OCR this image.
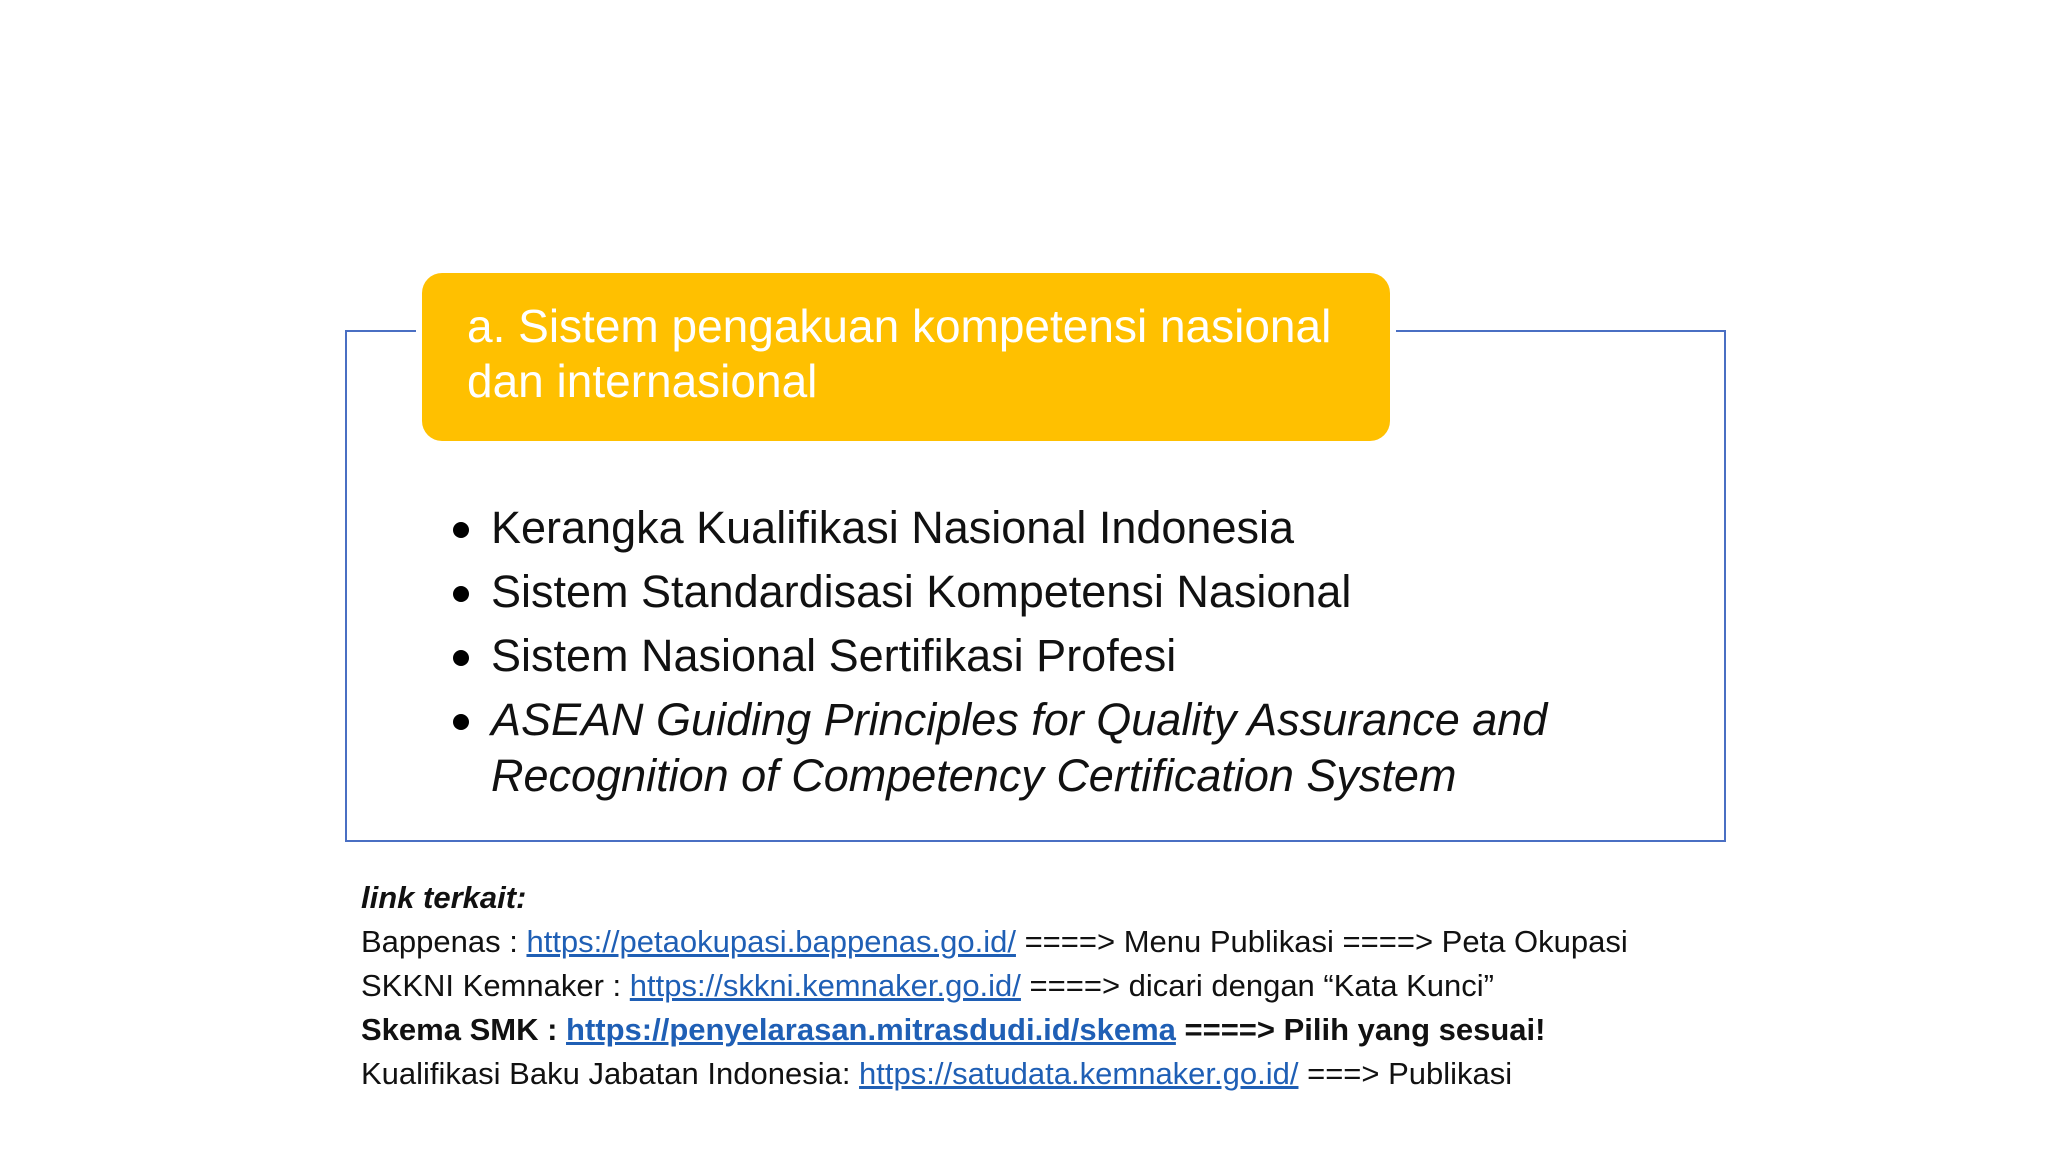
a. Sistem pengakuan kompetensi nasional dan internasional
Kerangka Kualifikasi Nasional Indonesia
Sistem Standardisasi Kompetensi Nasional
Sistem Nasional Sertifikasi Profesi
ASEAN Guiding Principles for Quality Assurance and Recognition of Competency Certification System
link terkait:
Bappenas : https://petaokupasi.bappenas.go.id/ ====> Menu Publikasi ====> Peta Okupasi
SKKNI Kemnaker : https://skkni.kemnaker.go.id/ ====> dicari dengan “Kata Kunci”
Skema SMK : https://penyelarasan.mitrasdudi.id/skema ====> Pilih yang sesuai!
Kualifikasi Baku Jabatan Indonesia: https://satudata.kemnaker.go.id/ ===> Publikasi
